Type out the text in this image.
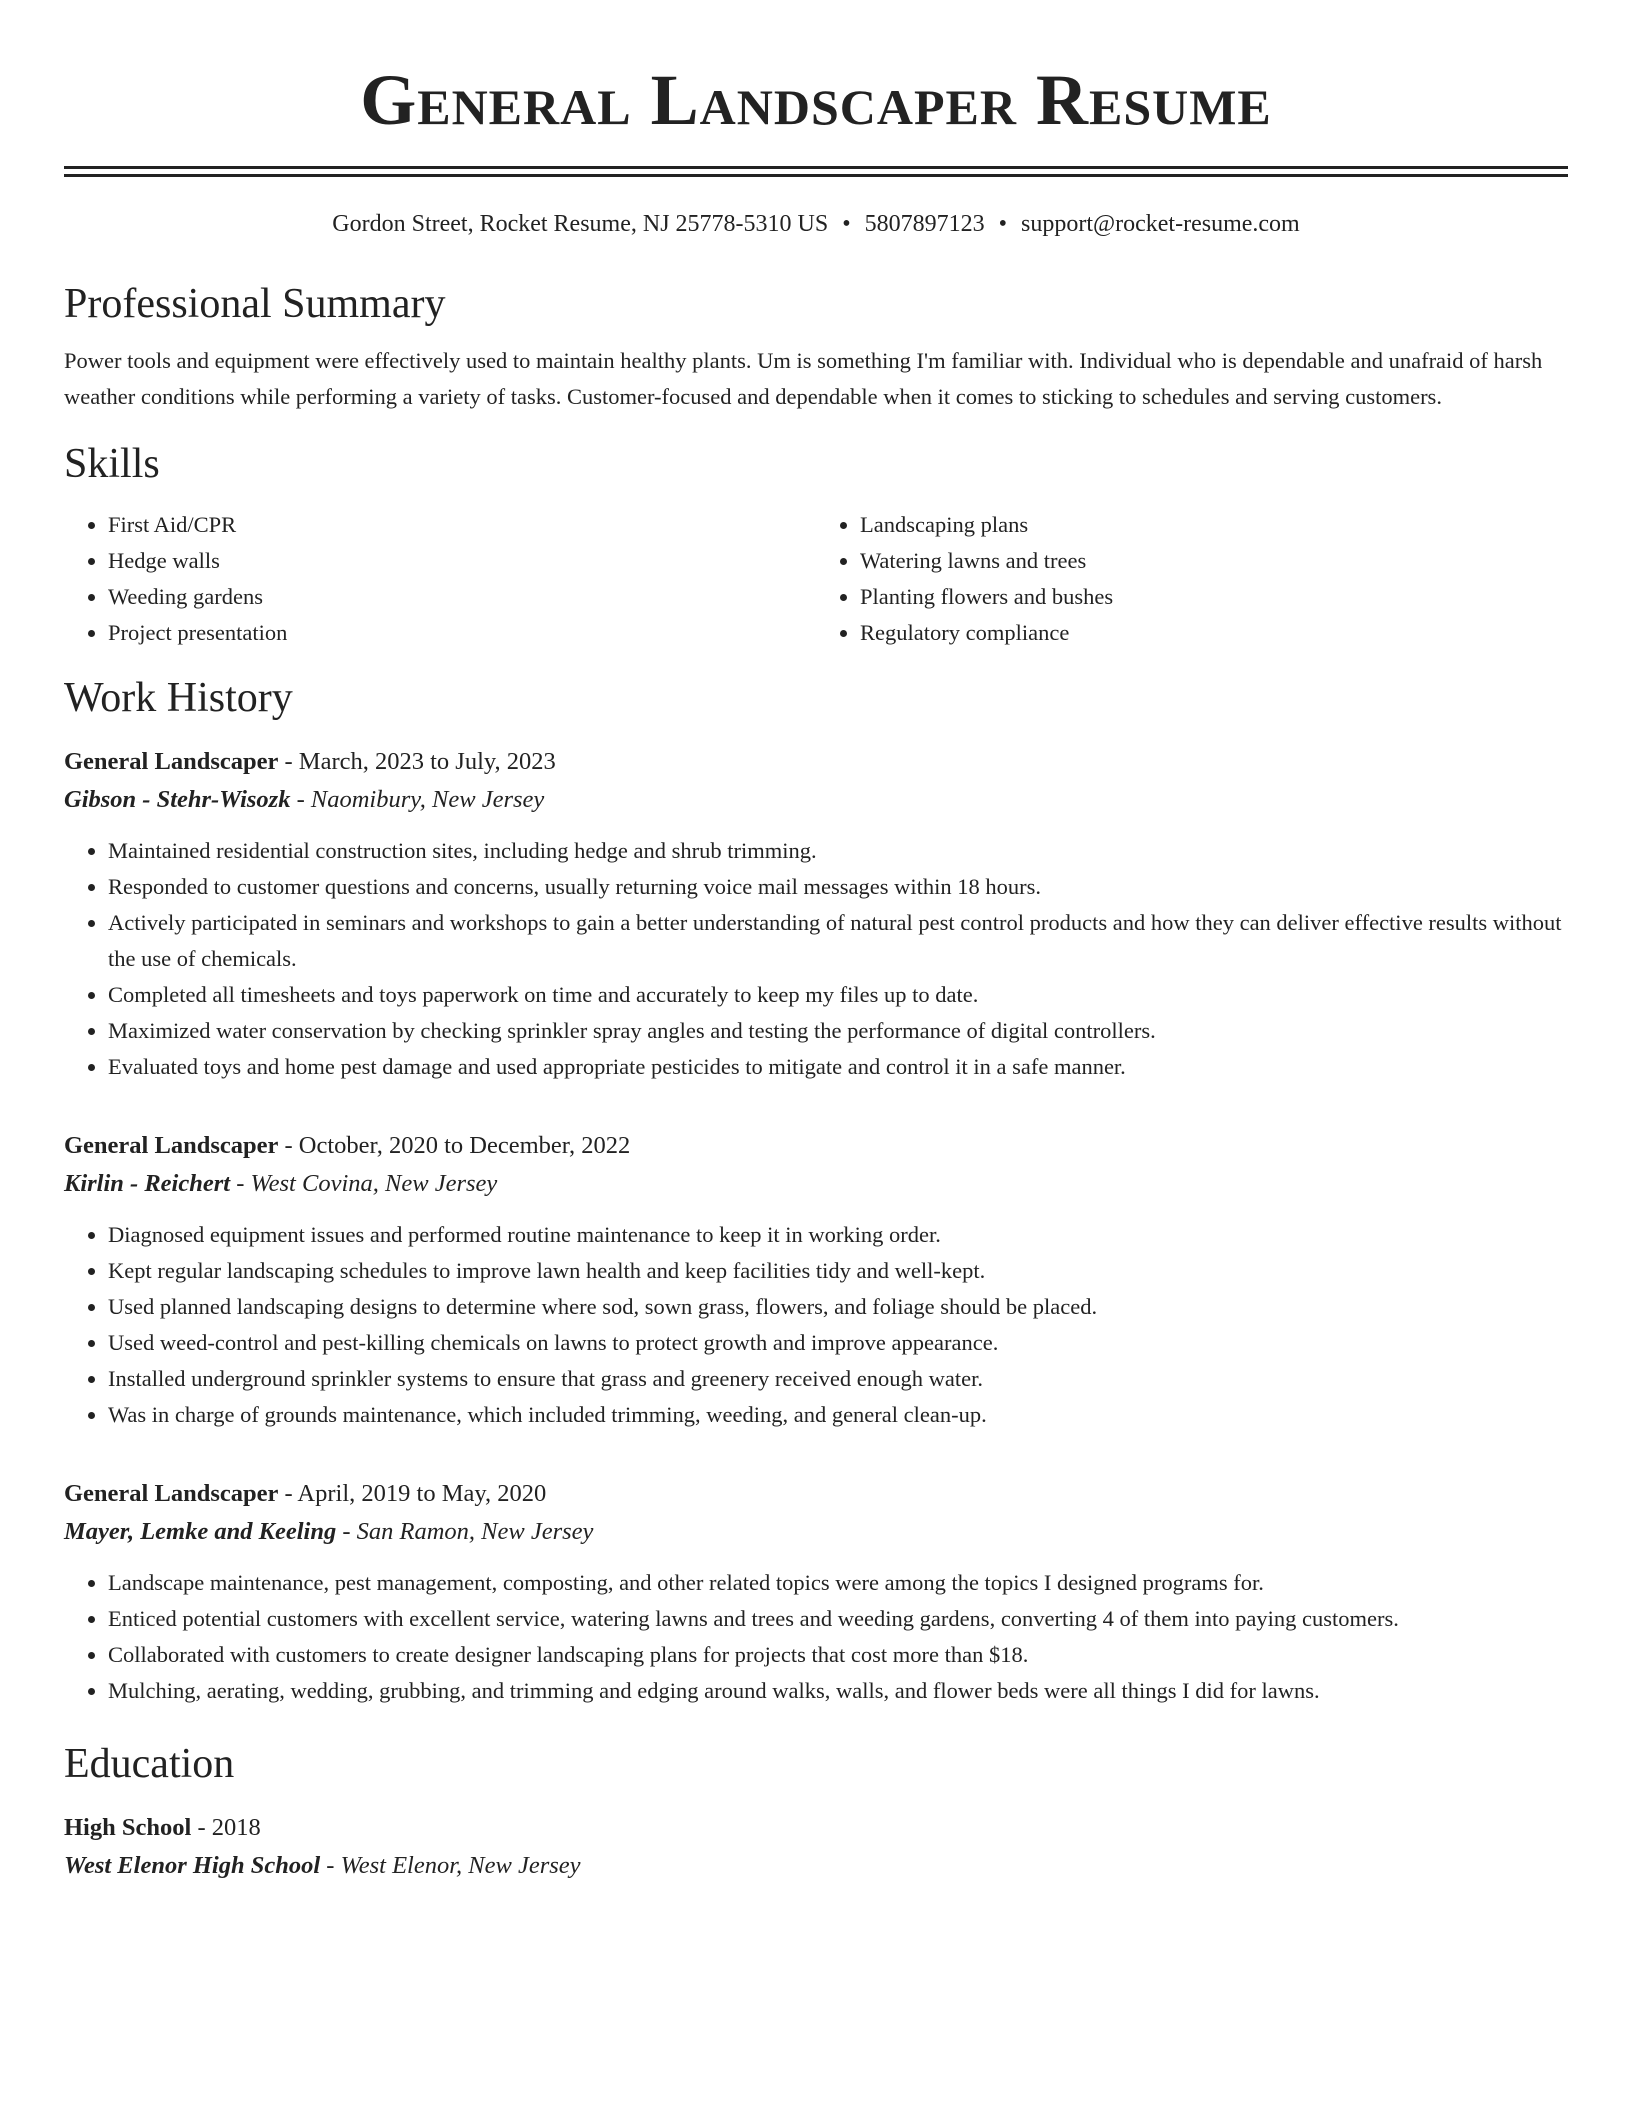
General Landscaper Resume
Gordon Street, Rocket Resume, NJ 25778-5310 US • 5807897123 • support@rocket-resume.com
Professional Summary

Power tools and equipment were effectively used to maintain healthy plants. Um is something I'm familiar with. Individual who is dependable and unafraid of harsh weather conditions while performing a variety of tasks. Customer-focused and dependable when it comes to sticking to schedules and serving customers.

Skills
• First Aid/CPR
• Hedge walls
• Weeding gardens
• Project presentation
• Landscaping plans
• Watering lawns and trees
• Planting flowers and bushes
• Regulatory compliance
Work History
General Landscaper - March, 2023 to July, 2023
Gibson - Stehr-Wisozk - Naomibury, New Jersey
• Maintained residential construction sites, including hedge and shrub trimming.
• Responded to customer questions and concerns, usually returning voice mail messages within 18 hours.
• Actively participated in seminars and workshops to gain a better understanding of natural pest control products and how they can deliver effective results without the use of chemicals.
• Completed all timesheets and toys paperwork on time and accurately to keep my files up to date.
• Maximized water conservation by checking sprinkler spray angles and testing the performance of digital controllers.
• Evaluated toys and home pest damage and used appropriate pesticides to mitigate and control it in a safe manner.
General Landscaper - October, 2020 to December, 2022
Kirlin - Reichert - West Covina, New Jersey
• Diagnosed equipment issues and performed routine maintenance to keep it in working order.
• Kept regular landscaping schedules to improve lawn health and keep facilities tidy and well-kept.
• Used planned landscaping designs to determine where sod, sown grass, flowers, and foliage should be placed.
• Used weed-control and pest-killing chemicals on lawns to protect growth and improve appearance.
• Installed underground sprinkler systems to ensure that grass and greenery received enough water.
• Was in charge of grounds maintenance, which included trimming, weeding, and general clean-up.
General Landscaper - April, 2019 to May, 2020
Mayer, Lemke and Keeling - San Ramon, New Jersey
• Landscape maintenance, pest management, composting, and other related topics were among the topics I designed programs for.
• Enticed potential customers with excellent service, watering lawns and trees and weeding gardens, converting 4 of them into paying customers.
• Collaborated with customers to create designer landscaping plans for projects that cost more than $18.
• Mulching, aerating, wedding, grubbing, and trimming and edging around walks, walls, and flower beds were all things I did for lawns.
Education
High School - 2018
West Elenor High School - West Elenor, New Jersey
